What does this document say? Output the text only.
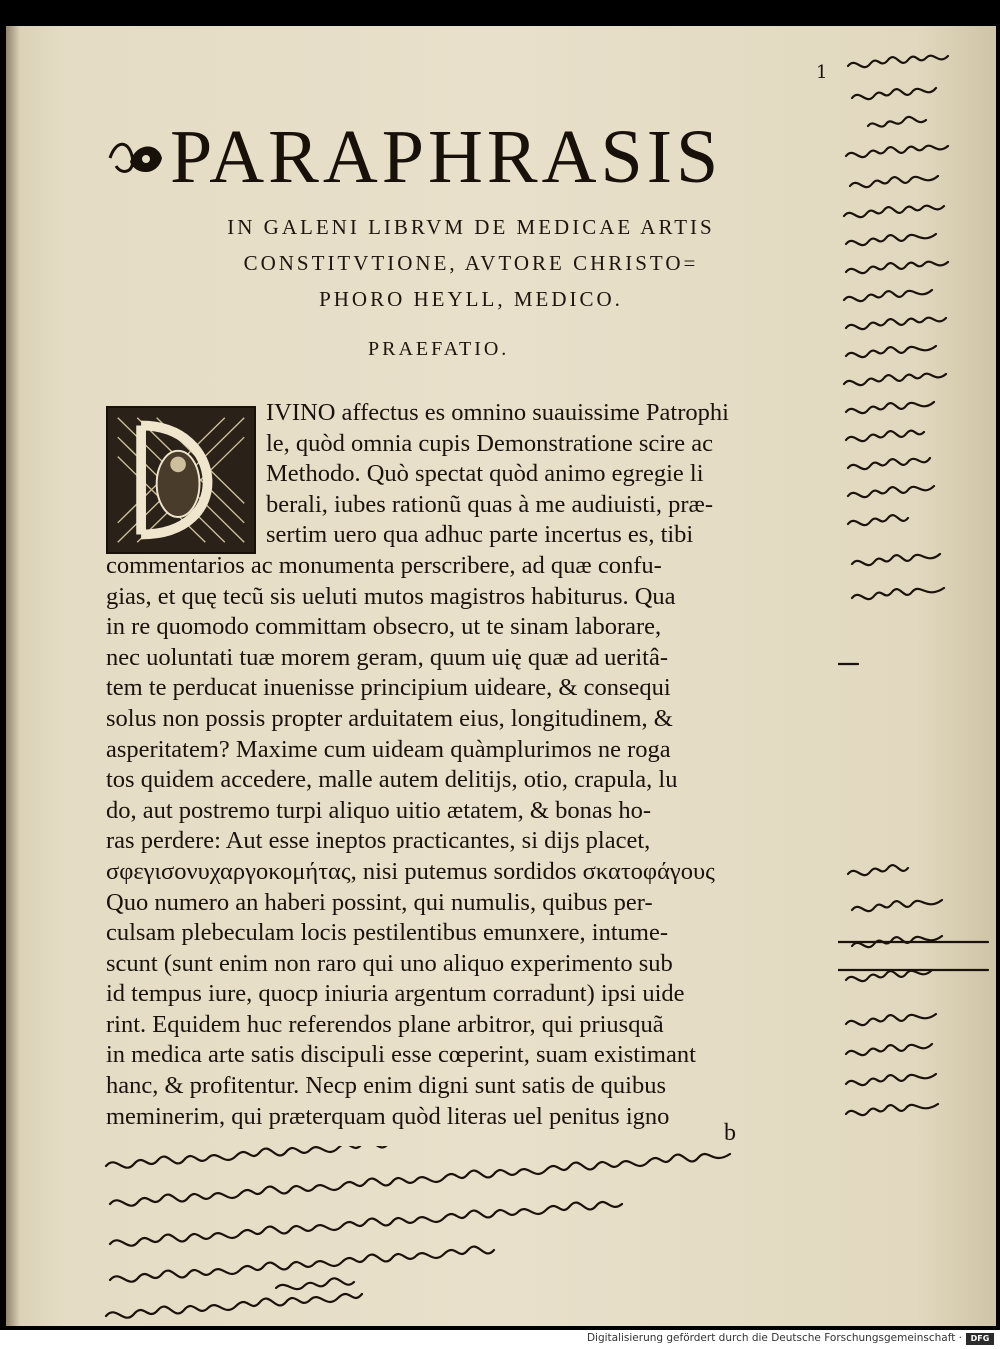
1
PARAPHRASIS
IN GALENI LIBRVM DE MEDICAE ARTIS
CONSTITVTIONE, AVTORE CHRISTO=
PHORO HEYLL, MEDICO.
PRAEFATIO.
IVINO affectus es omnino suauissime Patrophi
le, quòd omnia cupis Demonstratione scire ac
Methodo. Quò spectat quòd animo egregie li
berali, iubes rationũ quas à me audiuisti, præ-
sertim uero qua adhuc parte incertus es, tibi
commentarios ac monumenta perscribere, ad quæ confu-
gias, et quę tecũ sis ueluti mutos magistros habiturus. Qua
in re quomodo committam obsecro, ut te sinam laborare,
nec uoluntati tuæ morem geram, quum uię quæ ad ueritâ-
tem te perducat inuenisse principium uideare, & consequi
solus non possis propter arduitatem eius, longitudinem, &
asperitatem? Maxime cum uideam quàmplurimos ne roga
tos quidem accedere, malle autem delitijs, otio, crapula, lu
do, aut postremo turpi aliquo uitio ætatem, & bonas ho-
ras perdere: Aut esse ineptos practicantes, si dijs placet,
σφεγισονυχαργοκομήτας, nisi putemus sordidos σκατοφάγους
Quo numero an haberi possint, qui numulis, quibus per-
culsam plebeculam locis pestilentibus emunxere, intume-
scunt (sunt enim non raro qui uno aliquo experimento sub
id tempus iure, quocp iniuria argentum corradunt) ipsi uide
rint. Equidem huc referendos plane arbitror, qui priusquã
in medica arte satis discipuli esse cœperint, suam existimant
hanc, & profitentur. Necp enim digni sunt satis de quibus
meminerim, qui præterquam quòd literas uel penitus igno
b
Digitalisierung gefördert durch die Deutsche Forschungsgemeinschaft ·	DFG
